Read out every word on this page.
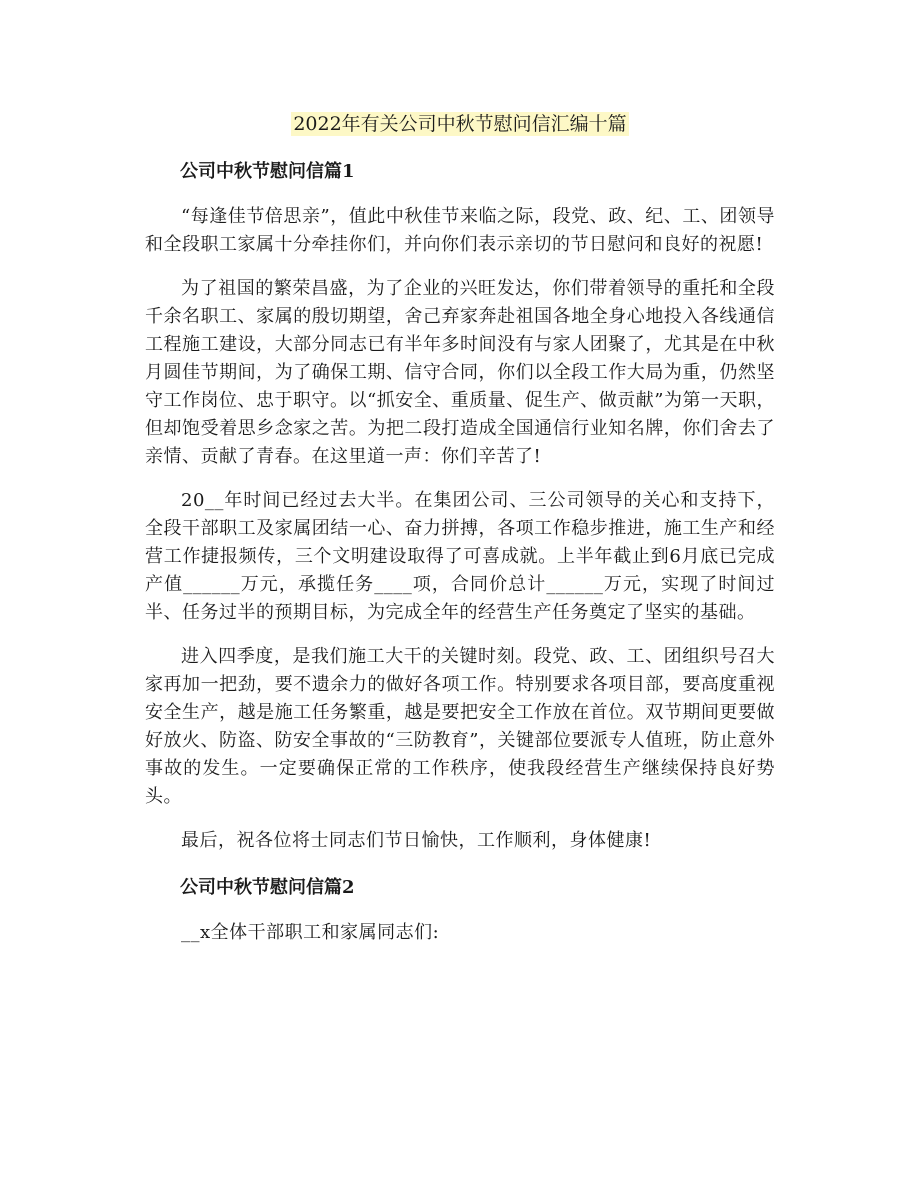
2022年有关公司中秋节慰问信汇编十篇
公司中秋节慰问信篇1

“每逢佳节倍思亲”，值此中秋佳节来临之际，段党、政、纪、工、团领导和全段职工家属十分牵挂你们，并向你们表示亲切的节日慰问和良好的祝愿!

为了祖国的繁荣昌盛，为了企业的兴旺发达，你们带着领导的重托和全段千余名职工、家属的殷切期望，舍己弃家奔赴祖国各地全身心地投入各线通信工程施工建设，大部分同志已有半年多时间没有与家人团聚了，尤其是在中秋月圆佳节期间，为了确保工期、信守合同，你们以全段工作大局为重，仍然坚守工作岗位、忠于职守。以“抓安全、重质量、促生产、做贡献”为第一天职，但却饱受着思乡念家之苦。为把二段打造成全国通信行业知名牌，你们舍去了亲情、贡献了青春。在这里道一声：你们辛苦了!

20__年时间已经过去大半。在集团公司、三公司领导的关心和支持下，全段干部职工及家属团结一心、奋力拼搏，各项工作稳步推进，施工生产和经营工作捷报频传，三个文明建设取得了可喜成就。上半年截止到6月底已完成产值______万元，承揽任务____项，合同价总计______万元，实现了时间过半、任务过半的预期目标，为完成全年的经营生产任务奠定了坚实的基础。

进入四季度，是我们施工大干的关键时刻。段党、政、工、团组织号召大家再加一把劲，要不遗余力的做好各项工作。特别要求各项目部，要高度重视安全生产，越是施工任务繁重，越是要把安全工作放在首位。双节期间更要做好放火、防盗、防安全事故的“三防教育”，关键部位要派专人值班，防止意外事故的发生。一定要确保正常的工作秩序，使我段经营生产继续保持良好势头。

最后，祝各位将士同志们节日愉快，工作顺利，身体健康!

公司中秋节慰问信篇2

__x全体干部职工和家属同志们:
